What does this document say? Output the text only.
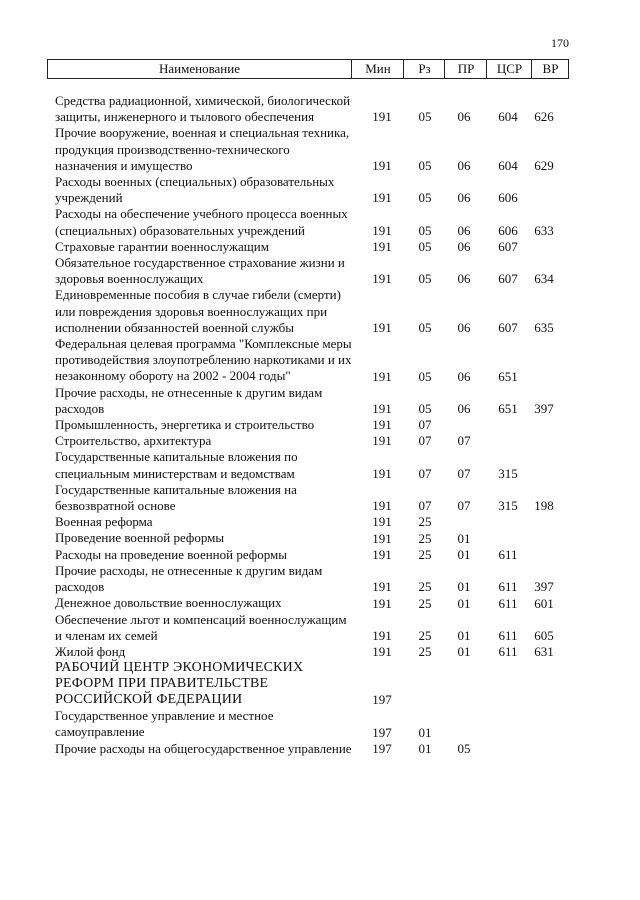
170
Наименование	Мин	Рз	ПР	ЦСР	ВР
Средства радиационной, химической, биологической защиты, инженерного и тылового обеспечения	191	05	06	604	626
Прочие вооружение, военная и специальная техника, продукция производственно-технического назначения и имущество	191	05	06	604	629
Расходы военных (специальных) образовательных учреждений	191	05	06	606
Расходы на обеспечение учебного процесса военных (специальных) образовательных учреждений	191	05	06	606	633
Страховые гарантии военнослужащим	191	05	06	607
Обязательное государственное страхование жизни и здоровья военнослужащих	191	05	06	607	634
Единовременные пособия в случае гибели (смерти) или повреждения здоровья военнослужащих при исполнении обязанностей военной службы	191	05	06	607	635
Федеральная целевая программа "Комплексные меры противодействия злоупотреблению наркотиками и их незаконному обороту на 2002 - 2004 годы"	191	05	06	651
Прочие расходы, не отнесенные к другим видам расходов	191	05	06	651	397
Промышленность, энергетика и строительство	191	07
Строительство, архитектура	191	07	07
Государственные капитальные вложения по специальным министерствам и ведомствам	191	07	07	315
Государственные капитальные вложения на безвозвратной основе	191	07	07	315	198
Военная реформа	191	25
Проведение военной реформы	191	25	01
Расходы на проведение военной реформы	191	25	01	611
Прочие расходы, не отнесенные к другим видам расходов	191	25	01	611	397
Денежное довольствие военнослужащих	191	25	01	611	601
Обеспечение льгот и компенсаций военнослужащим и членам их семей	191	25	01	611	605
Жилой фонд	191	25	01	611	631
РАБОЧИЙ ЦЕНТР ЭКОНОМИЧЕСКИХ РЕФОРМ ПРИ ПРАВИТЕЛЬСТВЕ РОССИЙСКОЙ ФЕДЕРАЦИИ	197
Государственное управление и местное самоуправление	197	01
Прочие расходы на общегосударственное управление	197	01	05
